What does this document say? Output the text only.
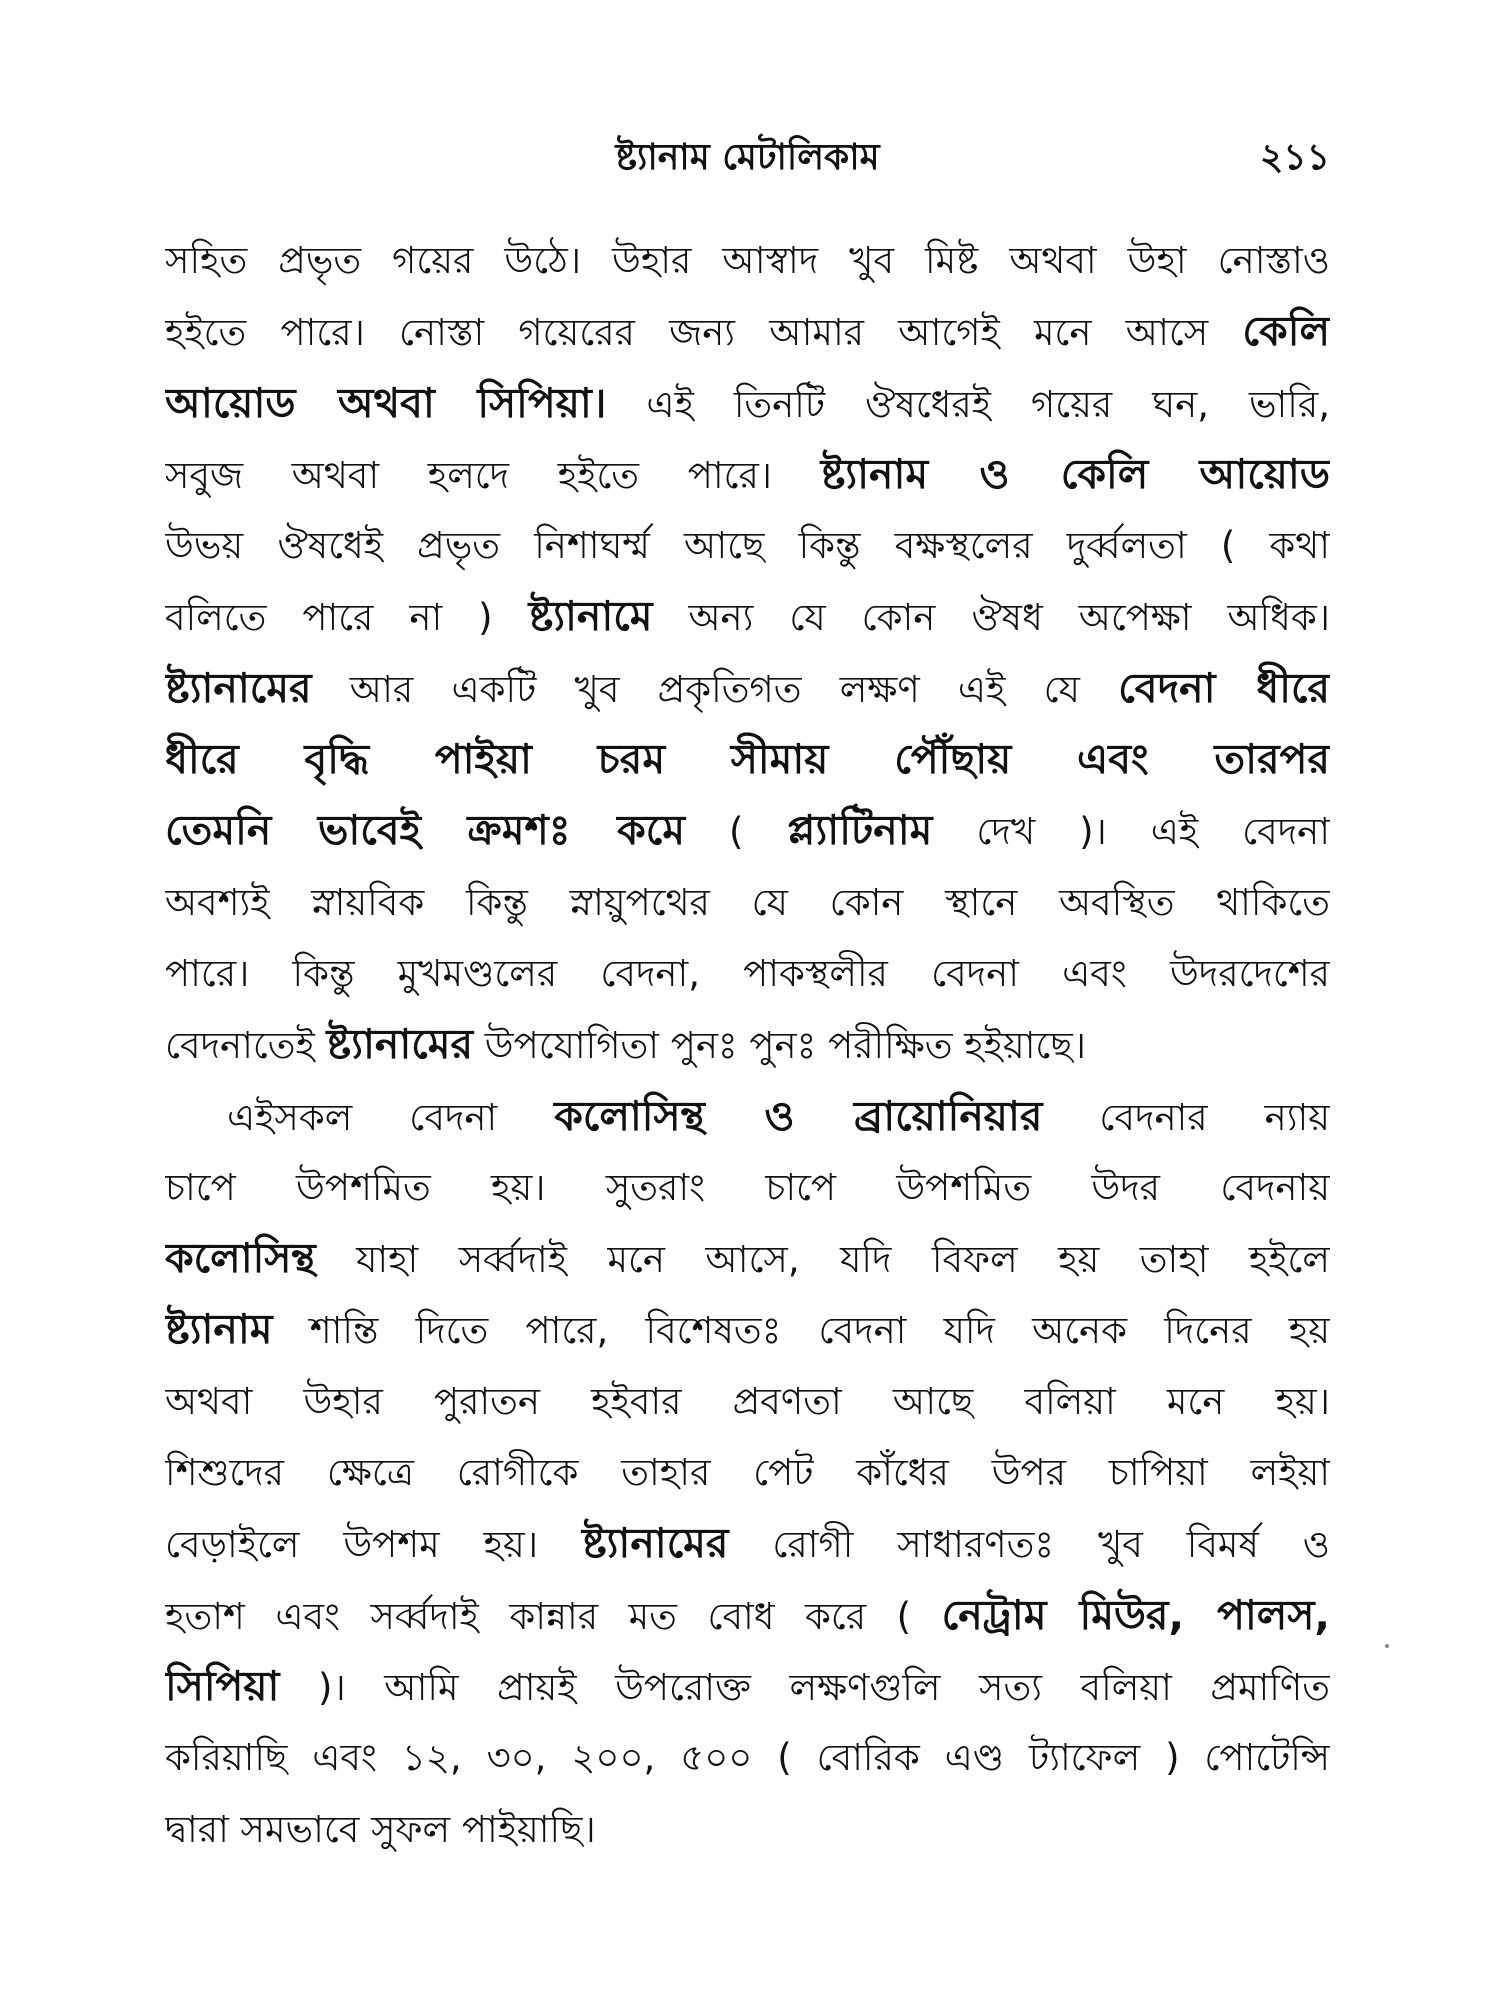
ষ্ট্যানাম মেটালিকাম	২১১
সহিত প্রভৃত গয়ের উঠে। উহার আস্বাদ খুব মিষ্ট অথবা উহা নোস্তাও
হইতে পারে। নোস্তা গয়েরের জন্য আমার আগেই মনে আসে কেলি
আয়োড অথবা সিপিয়া। এই তিনটি ঔষধেরই গয়ের ঘন, ভারি,
সবুজ অথবা হলদে হইতে পারে। ষ্ট্যানাম ও কেলি আয়োড
উভয় ঔষধেই প্রভৃত নিশাঘর্ম্ম আছে কিন্তু বক্ষস্থলের দুর্ব্বলতা ( কথা
বলিতে পারে না ) ষ্ট্যানামে অন্য যে কোন ঔষধ অপেক্ষা অধিক।
ষ্ট্যানামের আর একটি খুব প্রকৃতিগত লক্ষণ এই যে বেদনা ধীরে
ধীরে বৃদ্ধি পাইয়া চরম সীমায় পৌঁছায় এবং তারপর
তেমনি ভাবেই ক্রমশঃ কমে ( প্ল্যাটিনাম দেখ )। এই বেদনা
অবশ্যই স্নায়বিক কিন্তু স্নায়ুপথের যে কোন স্থানে অবস্থিত থাকিতে
পারে। কিন্তু মুখমণ্ডলের বেদনা, পাকস্থলীর বেদনা এবং উদরদেশের
বেদনাতেই ষ্ট্যানামের উপযোগিতা পুনঃ পুনঃ পরীক্ষিত হইয়াছে।
এইসকল বেদনা কলোসিন্থ ও ব্রায়োনিয়ার বেদনার ন্যায়
চাপে উপশমিত হয়। সুতরাং চাপে উপশমিত উদর বেদনায়
কলোসিন্থ যাহা সর্ব্বদাই মনে আসে, যদি বিফল হয় তাহা হইলে
ষ্ট্যানাম শান্তি দিতে পারে, বিশেষতঃ বেদনা যদি অনেক দিনের হয়
অথবা উহার পুরাতন হইবার প্রবণতা আছে বলিয়া মনে হয়।
শিশুদের ক্ষেত্রে রোগীকে তাহার পেট কাঁধের উপর চাপিয়া লইয়া
বেড়াইলে উপশম হয়। ষ্ট্যানামের রোগী সাধারণতঃ খুব বিমর্ষ ও
হতাশ এবং সর্ব্বদাই কান্নার মত বোধ করে ( নেট্রাম মিউর, পালস,
সিপিয়া )। আমি প্রায়ই উপরোক্ত লক্ষণগুলি সত্য বলিয়া প্রমাণিত
করিয়াছি এবং ১২, ৩০, ২০০, ৫০০ ( বোরিক এণ্ড ট্যাফেল ) পোটেন্সি
দ্বারা সমভাবে সুফল পাইয়াছি।
